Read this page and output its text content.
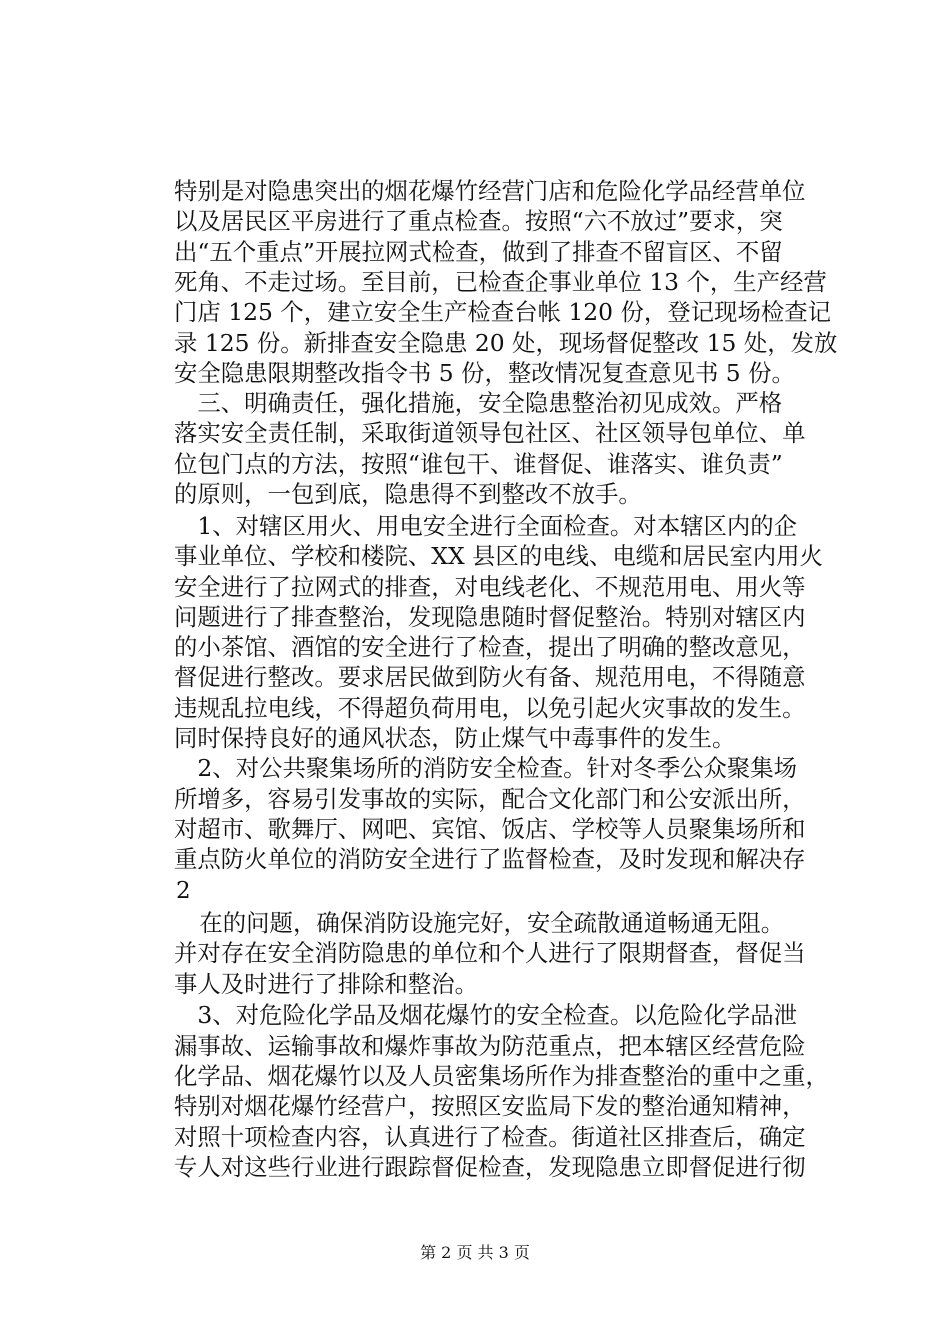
特别是对隐患突出的烟花爆竹经营门店和危险化学品经营单位
以及居民区平房进行了重点检查。按照“六不放过”要求，突
出“五个重点”开展拉网式检查，做到了排查不留盲区、不留
死角、不走过场。至目前，已检查企事业单位 13 个，生产经营
门店 125 个，建立安全生产检查台帐 120 份，登记现场检查记
录 125 份。新排查安全隐患 20 处，现场督促整改 15 处，发放
安全隐患限期整改指令书 5 份，整改情况复查意见书 5 份。
　三、明确责任，强化措施，安全隐患整治初见成效。严格
落实安全责任制，采取街道领导包社区、社区领导包单位、单
位包门点的方法，按照“谁包干、谁督促、谁落实、谁负责”
的原则，一包到底，隐患得不到整改不放手。
　1、对辖区用火、用电安全进行全面检查。对本辖区内的企
事业单位、学校和楼院、XX 县区的电线、电缆和居民室内用火
安全进行了拉网式的排查，对电线老化、不规范用电、用火等
问题进行了排查整治，发现隐患随时督促整治。特别对辖区内
的小茶馆、酒馆的安全进行了检查，提出了明确的整改意见，
督促进行整改。要求居民做到防火有备、规范用电，不得随意
违规乱拉电线，不得超负荷用电，以免引起火灾事故的发生。
同时保持良好的通风状态，防止煤气中毒事件的发生。
　2、对公共聚集场所的消防安全检查。针对冬季公众聚集场
所增多，容易引发事故的实际，配合文化部门和公安派出所，
对超市、歌舞厅、网吧、宾馆、饭店、学校等人员聚集场所和
重点防火单位的消防安全进行了监督检查，及时发现和解决存
　在的问题，确保消防设施完好，安全疏散通道畅通无阻。
并对存在安全消防隐患的单位和个人进行了限期督查，督促当
事人及时进行了排除和整治。
　3、对危险化学品及烟花爆竹的安全检查。以危险化学品泄
漏事故、运输事故和爆炸事故为防范重点，把本辖区经营危险
化学品、烟花爆竹以及人员密集场所作为排查整治的重中之重，
特别对烟花爆竹经营户，按照区安监局下发的整治通知精神，
对照十项检查内容，认真进行了检查。街道社区排查后，确定
专人对这些行业进行跟踪督促检查，发现隐患立即督促进行彻
2
第 2 页 共 3 页
